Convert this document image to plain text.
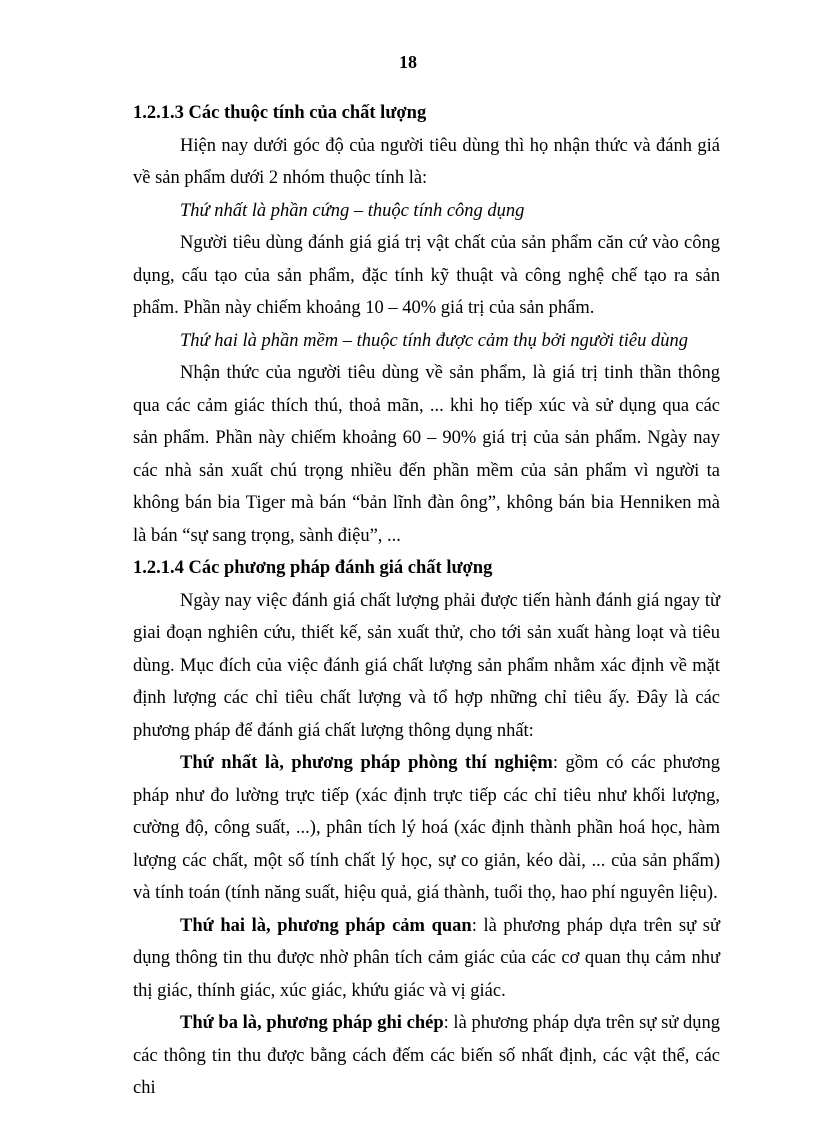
18

1.2.1.3 Các thuộc tính của chất lượng

Hiện nay dưới góc độ của người tiêu dùng thì họ nhận thức và đánh giá về sản phẩm dưới 2 nhóm thuộc tính là:

Thứ nhất là phần cứng – thuộc tính công dụng

Người tiêu dùng đánh giá giá trị vật chất của sản phẩm căn cứ vào công dụng, cấu tạo của sản phẩm, đặc tính kỹ thuật và công nghệ chế tạo ra sản phẩm. Phần này chiếm khoảng 10 – 40% giá trị của sản phẩm.

Thứ hai là phần mềm – thuộc tính được cảm thụ bởi người tiêu dùng

Nhận thức của người tiêu dùng về sản phẩm, là giá trị tinh thần thông qua các cảm giác thích thú, thoả mãn, ... khi họ tiếp xúc và sử dụng qua các sản phẩm. Phần này chiếm khoảng 60 – 90% giá trị của sản phẩm. Ngày nay các nhà sản xuất chú trọng nhiều đến phần mềm của sản phẩm vì người ta không bán bia Tiger mà bán “bản lĩnh đàn ông”, không bán bia Henniken mà là bán “sự sang trọng, sành điệu”, ...

1.2.1.4 Các phương pháp đánh giá chất lượng

Ngày nay việc đánh giá chất lượng phải được tiến hành đánh giá ngay từ giai đoạn nghiên cứu, thiết kế, sản xuất thử, cho tới sản xuất hàng loạt và tiêu dùng. Mục đích của việc đánh giá chất lượng sản phẩm nhằm xác định về mặt định lượng các chỉ tiêu chất lượng và tổ hợp những chỉ tiêu ấy. Đây là các phương pháp để đánh giá chất lượng thông dụng nhất:

Thứ nhất là, phương pháp phòng thí nghiệm: gồm có các phương pháp như đo lường trực tiếp (xác định trực tiếp các chỉ tiêu như khối lượng, cường độ, công suất, ...), phân tích lý hoá (xác định thành phần hoá học, hàm lượng các chất, một số tính chất lý học, sự co giản, kéo dài, ... của sản phẩm) và tính toán (tính năng suất, hiệu quả, giá thành, tuổi thọ, hao phí nguyên liệu).

Thứ hai là, phương pháp cảm quan: là phương pháp dựa trên sự sử dụng thông tin thu được nhờ phân tích cảm giác của các cơ quan thụ cảm như thị giác, thính giác, xúc giác, khứu giác và vị giác.

Thứ ba là, phương pháp ghi chép: là phương pháp dựa trên sự sử dụng các thông tin thu được bằng cách đếm các biến số nhất định, các vật thể, các chi
